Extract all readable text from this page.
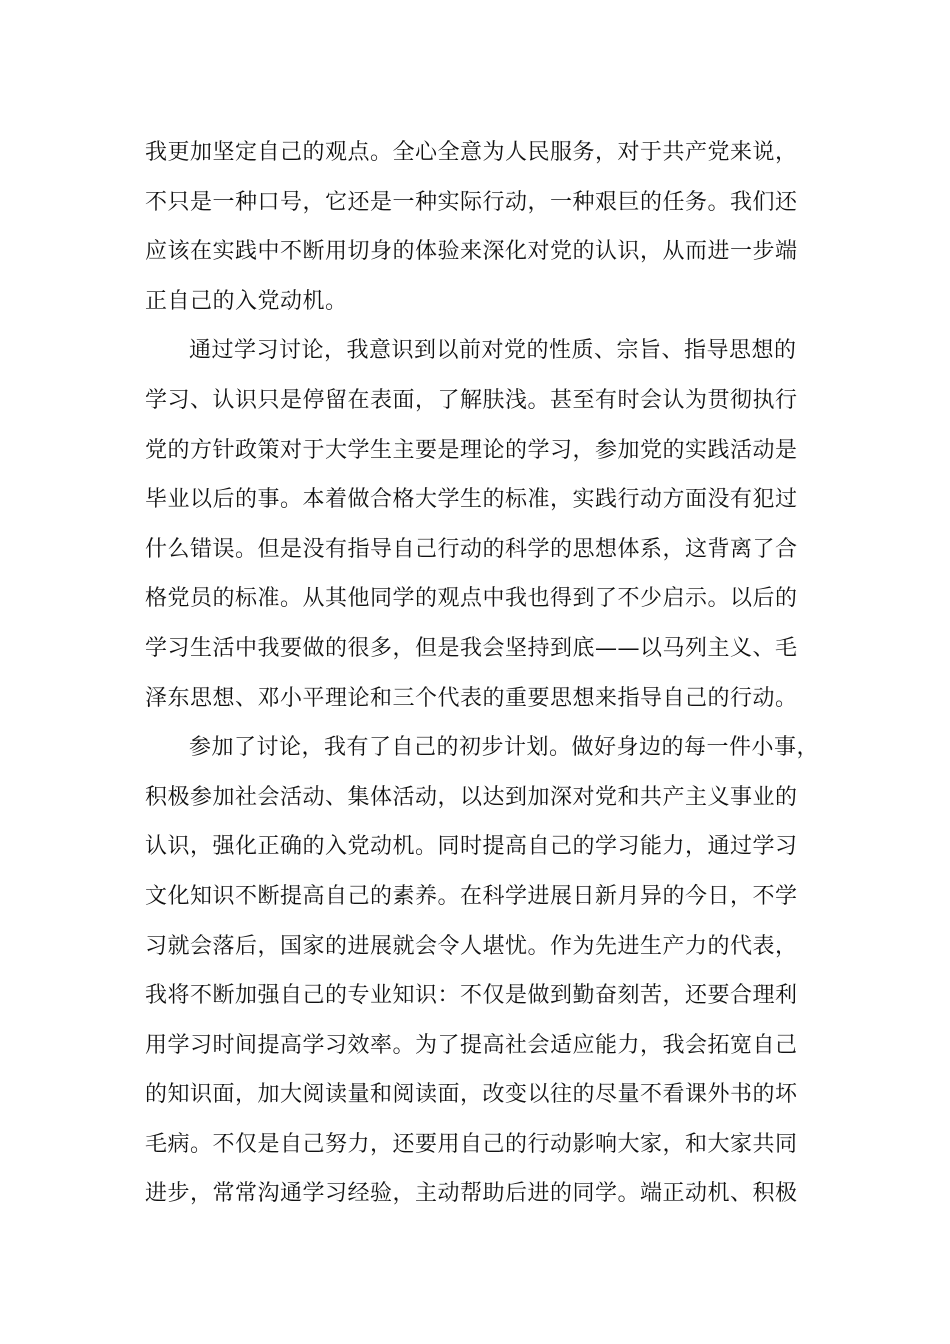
我更加坚定自己的观点。全心全意为人民服务，对于共产党来说，
不只是一种口号，它还是一种实际行动，一种艰巨的任务。我们还
应该在实践中不断用切身的体验来深化对党的认识，从而进一步端
正自己的入党动机。
通过学习讨论，我意识到以前对党的性质、宗旨、指导思想的
学习、认识只是停留在表面，了解肤浅。甚至有时会认为贯彻执行
党的方针政策对于大学生主要是理论的学习，参加党的实践活动是
毕业以后的事。本着做合格大学生的标准，实践行动方面没有犯过
什么错误。但是没有指导自己行动的科学的思想体系，这背离了合
格党员的标准。从其他同学的观点中我也得到了不少启示。以后的
学习生活中我要做的很多，但是我会坚持到底——以马列主义、毛
泽东思想、邓小平理论和三个代表的重要思想来指导自己的行动。
参加了讨论，我有了自己的初步计划。做好身边的每一件小事，
积极参加社会活动、集体活动，以达到加深对党和共产主义事业的
认识，强化正确的入党动机。同时提高自己的学习能力，通过学习
文化知识不断提高自己的素养。在科学进展日新月异的今日，不学
习就会落后，国家的进展就会令人堪忧。作为先进生产力的代表，
我将不断加强自己的专业知识：不仅是做到勤奋刻苦，还要合理利
用学习时间提高学习效率。为了提高社会适应能力，我会拓宽自己
的知识面，加大阅读量和阅读面，改变以往的尽量不看课外书的坏
毛病。不仅是自己努力，还要用自己的行动影响大家，和大家共同
进步，常常沟通学习经验，主动帮助后进的同学。端正动机、积极
